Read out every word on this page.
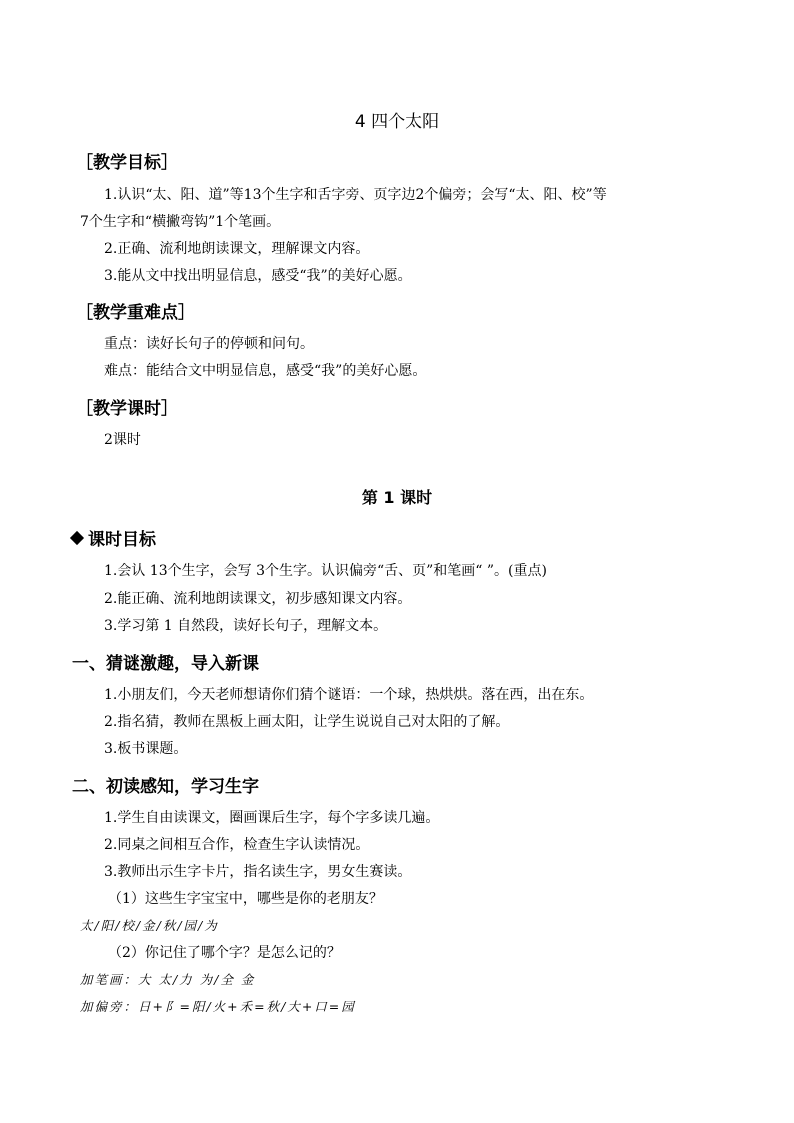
4 四个太阳
［教学目标］
1.认识“太、阳、道”等13个生字和舌字旁、页字边2个偏旁；会写“太、阳、校”等
7个生字和“横撇弯钩”1个笔画。
2.正确、流利地朗读课文，理解课文内容。
3.能从文中找出明显信息，感受“我”的美好心愿。
［教学重难点］
重点：读好长句子的停顿和问句。
难点：能结合文中明显信息，感受“我”的美好心愿。
［教学课时］
2课时
第 1 课时
课时目标
1.会认 13个生字，会写 3个生字。认识偏旁“舌、页”和笔画“ ”。(重点)
2.能正确、流利地朗读课文，初步感知课文内容。
3.学习第 1 自然段，读好长句子，理解文本。
一、猜谜激趣，导入新课
1.小朋友们，今天老师想请你们猜个谜语：一个球，热烘烘。落在西，出在东。
2.指名猜，教师在黑板上画太阳，让学生说说自己对太阳的了解。
3.板书课题。
二、初读感知，学习生字
1.学生自由读课文，圈画课后生字，每个字多读几遍。
2.同桌之间相互合作，检查生字认读情况。
3.教师出示生字卡片，指名读生字，男女生赛读。
（1）这些生字宝宝中，哪些是你的老朋友？
太/阳/校/金/秋/园/为
（2）你记住了哪个字？是怎么记的？
加笔画：大 太/力 为/全 金
加偏旁：日+阝=阳/火+禾=秋/大+口=园
